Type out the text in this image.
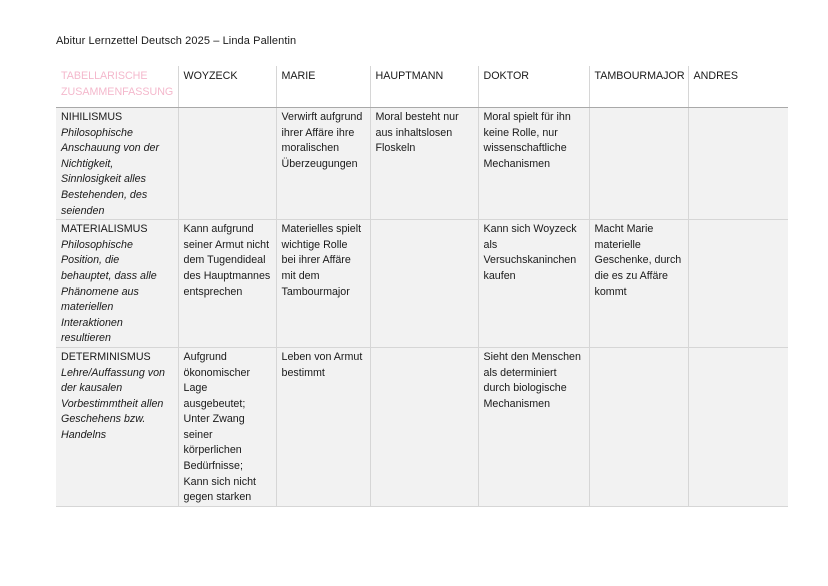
Abitur Lernzettel Deutsch 2025 – Linda Pallentin
TABELLARISCHE ZUSAMMENFASSUNG	WOYZECK	MARIE	HAUPTMANN	DOKTOR	TAMBOURMAJOR	ANDRES

NIHILISMUS
Philosophische Anschauung von der Nichtigkeit, Sinnlosigkeit alles Bestehenden, des seienden		Verwirft aufgrund ihrer Affäre ihre moralischen Überzeugungen	Moral besteht nur aus inhaltslosen Floskeln	Moral spielt für ihn keine Rolle, nur wissenschaftliche Mechanismen		

MATERIALISMUS
Philosophische Position, die behauptet, dass alle Phänomene aus materiellen Interaktionen resultieren	Kann aufgrund seiner Armut nicht dem Tugendideal des Hauptmannes entsprechen	Materielles spielt wichtige Rolle bei ihrer Affäre mit dem Tambourmajor		Kann sich Woyzeck als Versuchskaninchen kaufen	Macht Marie materielle Geschenke, durch die es zu Affäre kommt	

DETERMINISMUS
Lehre/Auffassung von der kausalen Vorbestimmtheit allen Geschehens bzw. Handelns	Aufgrund ökonomischer Lage ausgebeutet; Unter Zwang seiner körperlichen Bedürfnisse; Kann sich nicht gegen starken	Leben von Armut bestimmt		Sieht den Menschen als determiniert durch biologische Mechanismen		
